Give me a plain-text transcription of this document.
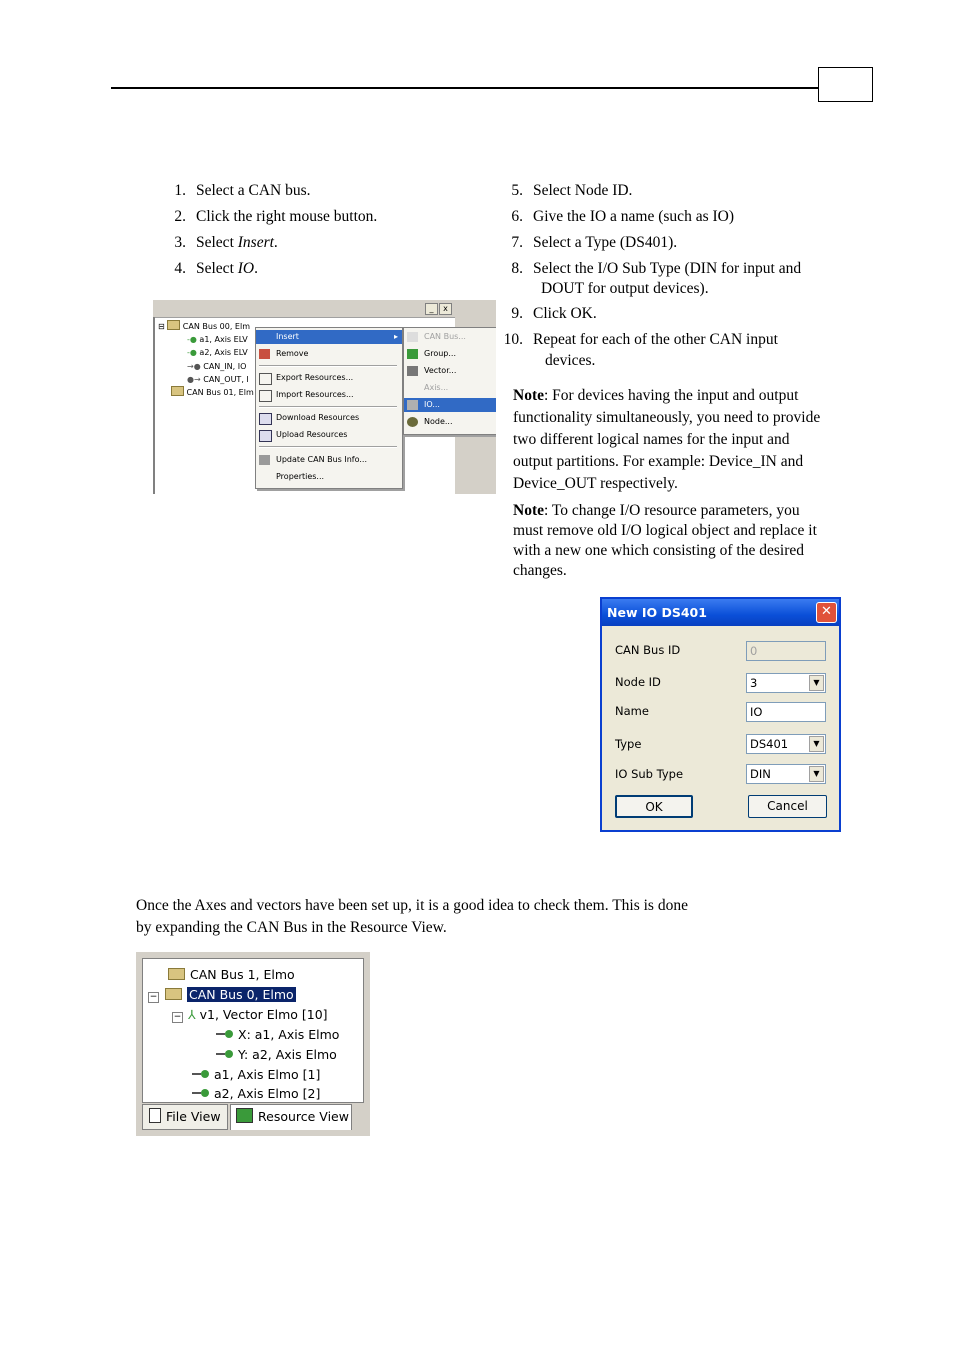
1. Select a CAN bus.
2. Click the right mouse button.
3. Select Insert.
4. Select IO.
5. Select Node ID.
6. Give the IO a name (such as IO)
7. Select a Type (DS401).
8. Select the I/O Sub Type (DIN for input and
DOUT for output devices).
9. Click OK.
10. Repeat for each of the other CAN input
devices.
Note: For devices having the input and output
functionality simultaneously, you need to provide
two different logical names for the input and
output partitions. For example: Device_IN and
Device_OUT respectively.
Note: To change I/O resource parameters, you
must remove old I/O logical object and replace it
with a new one which consisting of the desired
changes.
_	x
⊟  CAN Bus 00, Elm
-● a1, Axis ELV
-● a2, Axis ELV
→● CAN_IN, IO
●→ CAN_OUT, I
CAN Bus 01, Elm
Insert	▸
Remove
Export Resources...
Import Resources...
Download Resources
Upload Resources
Update CAN Bus Info...
Properties...
CAN Bus...
Group...
Vector...
Axis...
IO...
Node...
New IO DS401	✕
CAN Bus ID	0
Node ID	3	▼
Name	IO
Type	DS401	▼
IO Sub Type	DIN	▼
OK	Cancel
Once the Axes and vectors have been set up, it is a good idea to check them. This is done
by expanding the CAN Bus in the Resource View.
CAN Bus 1, Elmo
−	CAN Bus 0, Elmo
− ⅄ v1, Vector Elmo [10]
X: a1, Axis Elmo
Y: a2, Axis Elmo
a1, Axis Elmo [1]
a2, Axis Elmo [2]
File View	Resource View
